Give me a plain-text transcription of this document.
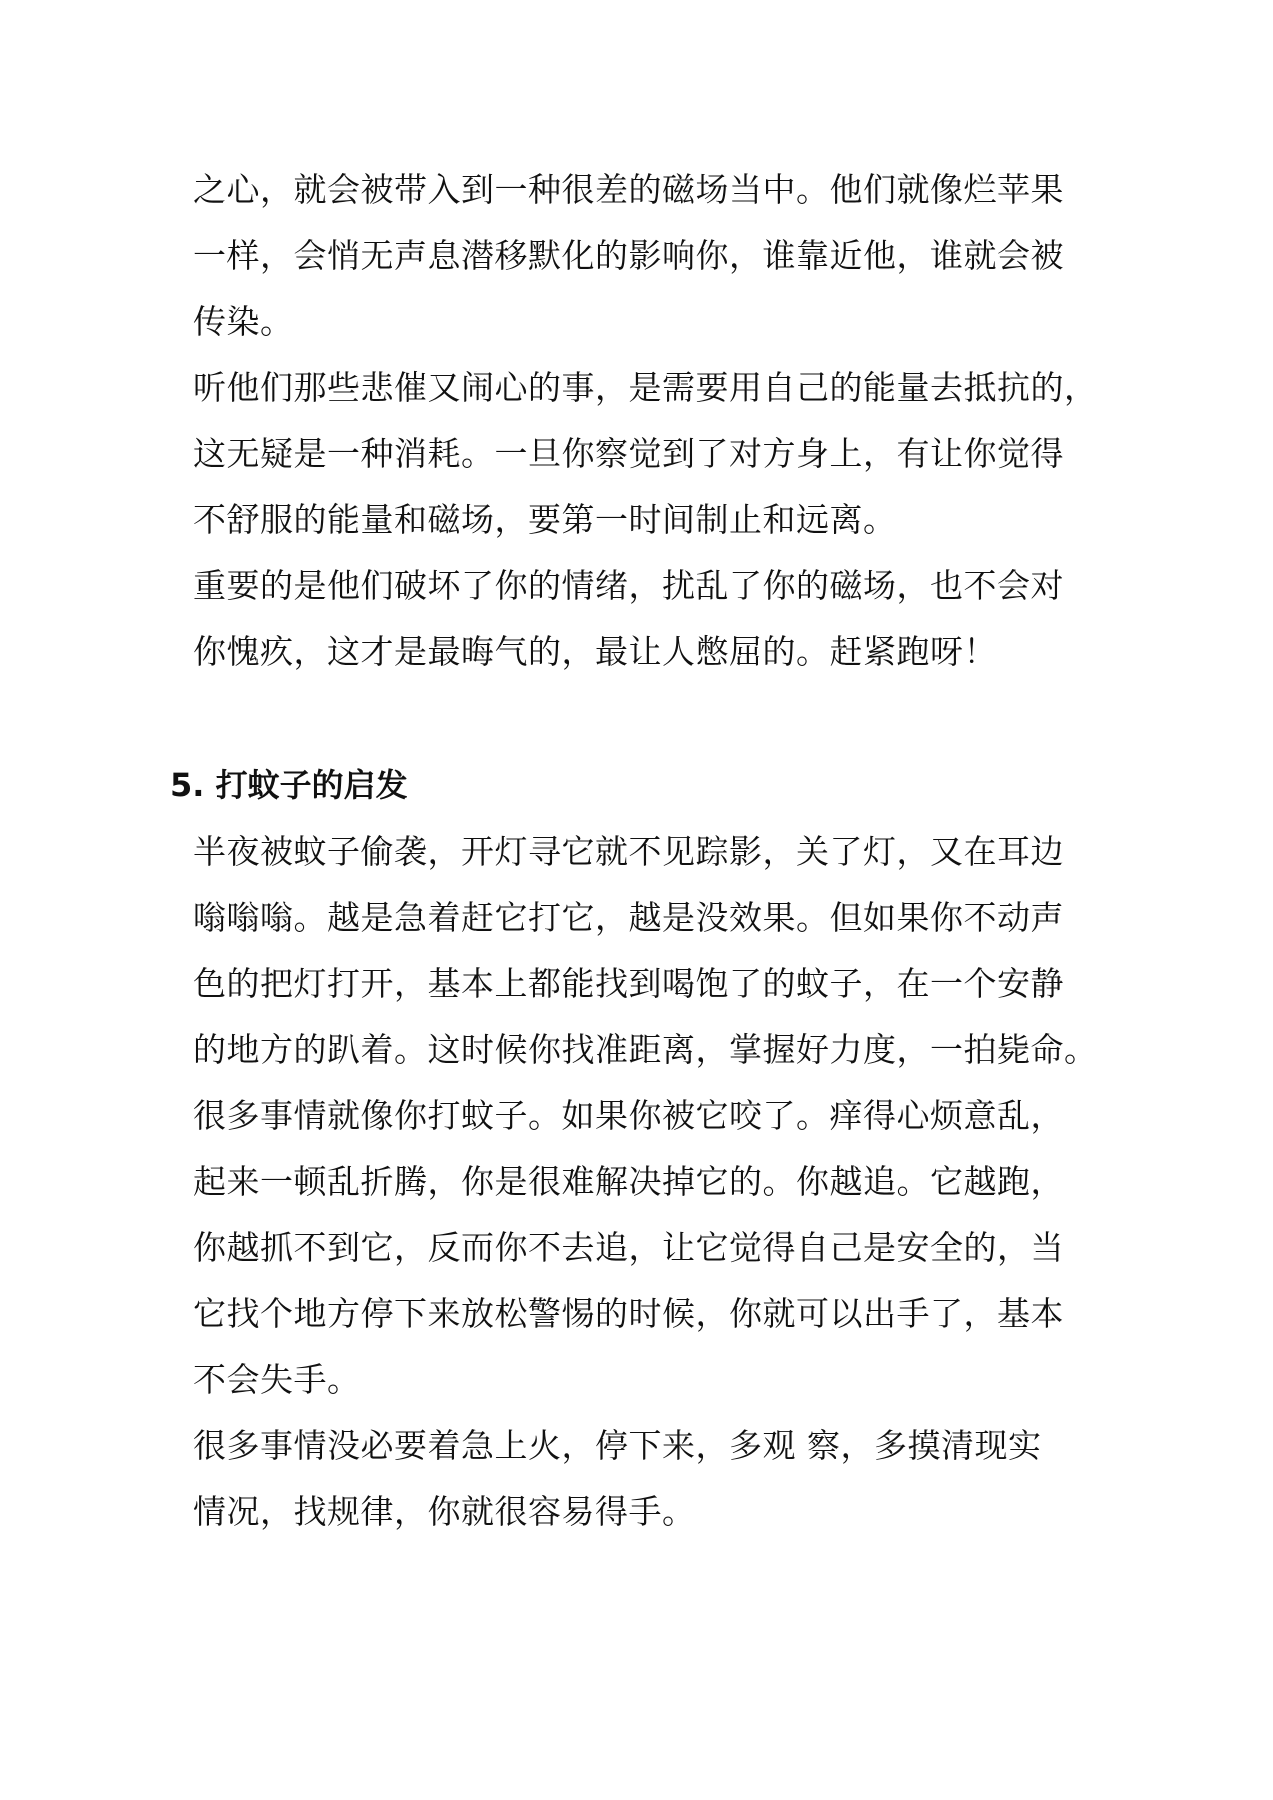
之心，就会被带入到一种很差的磁场当中。他们就像烂苹果
一样，会悄无声息潜移默化的影响你，谁靠近他，谁就会被
传染。
听他们那些悲催又闹心的事，是需要用自己的能量去抵抗的，
这无疑是一种消耗。一旦你察觉到了对方身上，有让你觉得
不舒服的能量和磁场，要第一时间制止和远离。
重要的是他们破坏了你的情绪，扰乱了你的磁场，也不会对
你愧疚，这才是最晦气的，最让人憋屈的。赶紧跑呀！
5. 打蚊子的启发
半夜被蚊子偷袭，开灯寻它就不见踪影，关了灯，又在耳边
嗡嗡嗡。越是急着赶它打它，越是没效果。但如果你不动声
色的把灯打开，基本上都能找到喝饱了的蚊子，在一个安静
的地方的趴着。这时候你找准距离，掌握好力度，一拍毙命。
很多事情就像你打蚊子。如果你被它咬了。痒得心烦意乱，
起来一顿乱折腾，你是很难解决掉它的。你越追。它越跑，
你越抓不到它，反而你不去追，让它觉得自己是安全的，当
它找个地方停下来放松警惕的时候，你就可以出手了，基本
不会失手。
很多事情没必要着急上火，停下来，多观 察，多摸清现实
情况，找规律，你就很容易得手。
